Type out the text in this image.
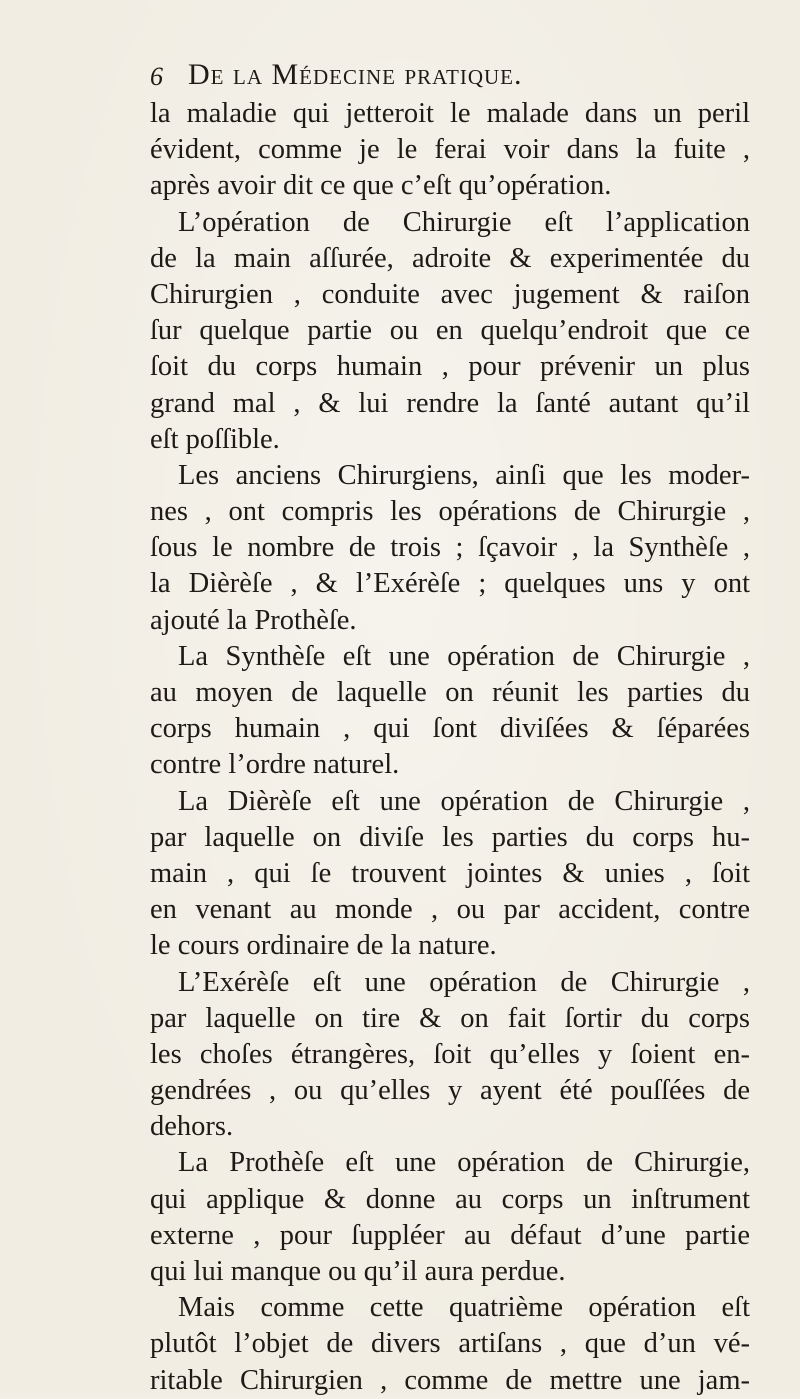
6 De la Médecine pratique.
la maladie qui jetteroit le malade dans un peril
évident, comme je le ferai voir dans la fuite ,
après avoir dit ce que c’eſt qu’opération.
L’opération de Chirurgie eſt l’application
de la main aſſurée, adroite & experimentée du
Chirurgien , conduite avec jugement & raiſon
ſur quelque partie ou en quelqu’endroit que ce
ſoit du corps humain , pour prévenir un plus
grand mal , & lui rendre la ſanté autant qu’il
eſt poſſible.
Les anciens Chirurgiens, ainſi que les moder-
nes , ont compris les opérations de Chirurgie ,
ſous le nombre de trois ; ſçavoir , la Synthèſe ,
la Dièrèſe , & l’Exérèſe ; quelques uns y ont
ajouté la Prothèſe.
La Synthèſe eſt une opération de Chirurgie ,
au moyen de laquelle on réunit les parties du
corps humain , qui ſont diviſées & ſéparées
contre l’ordre naturel.
La Dièrèſe eſt une opération de Chirurgie ,
par laquelle on diviſe les parties du corps hu-
main , qui ſe trouvent jointes & unies , ſoit
en venant au monde , ou par accident, contre
le cours ordinaire de la nature.
L’Exérèſe eſt une opération de Chirurgie ,
par laquelle on tire & on fait ſortir du corps
les choſes étrangères, ſoit qu’elles y ſoient en-
gendrées , ou qu’elles y ayent été pouſſées de
dehors.
La Prothèſe eſt une opération de Chirurgie,
qui applique & donne au corps un inſtrument
externe , pour ſuppléer au défaut d’une partie
qui lui manque ou qu’il aura perdue.
Mais comme cette quatrième opération eſt
plutôt l’objet de divers artiſans , que d’un vé-
ritable Chirurgien , comme de mettre une jam-
